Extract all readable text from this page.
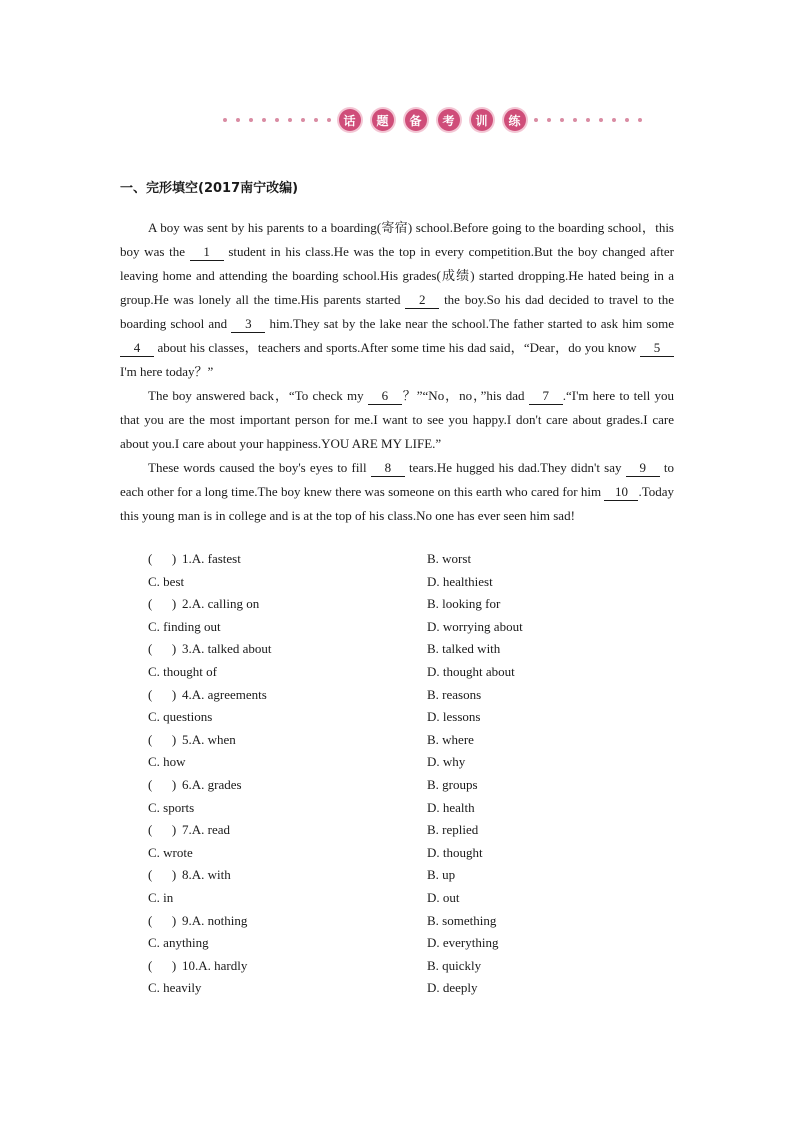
话	题	备	考	训	练
一、完形填空(2017南宁改编)

A boy was sent by his parents to a boarding(寄宿) school.Before going to the boarding school，this boy was the 1 student in his class.He was the top in every competition.But the boy changed after leaving home and attending the boarding school.His grades(成绩) started dropping.He hated being in a group.He was lonely all the time.His parents started 2 the boy.So his dad decided to travel to the boarding school and 3 him.They sat by the lake near the school.The father started to ask him some 4 about his classes，teachers and sports.After some time his dad said，“Dear，do you know 5 I'm here today？”

The boy answered back，“To check my 6 ？”“No，no，”his dad 7 .“I'm here to tell you that you are the most important person for me.I want to see you happy.I don't care about grades.I care about you.I care about your happiness.YOU ARE MY LIFE.”

These words caused the boy's eyes to fill 8 tears.He hugged his dad.They didn't say 9 to each other for a long time.The boy knew there was someone on this earth who cared for him 10 .Today this young man is in college and is at the top of his class.No one has ever seen him sad!

(      ) 1.A. fastest	B. worst
C. best	D. healthiest
(      ) 2.A. calling on	B. looking for
C. finding out	D. worrying about
(      ) 3.A. talked about	B. talked with
C. thought of	D. thought about
(      ) 4.A. agreements	B. reasons
C. questions	D. lessons
(      ) 5.A. when	B. where
C. how	D. why
(      ) 6.A. grades	B. groups
C. sports	D. health
(      ) 7.A. read	B. replied
C. wrote	D. thought
(      ) 8.A. with	B. up
C. in	D. out
(      ) 9.A. nothing	B. something
C. anything	D. everything
(      ) 10.A. hardly	B. quickly
C. heavily	D. deeply
